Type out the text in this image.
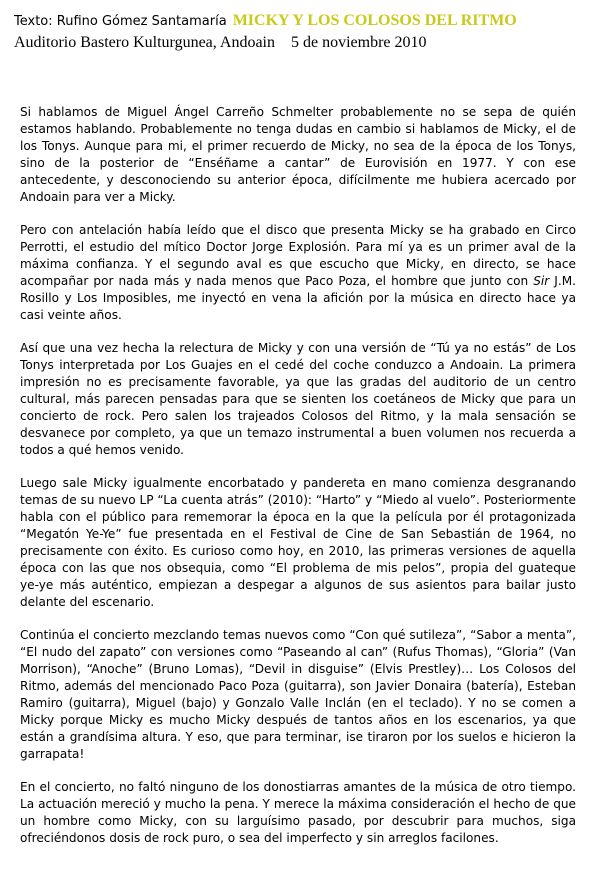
Texto: Rufino Gómez Santamaría MICKY Y LOS COLOSOS DEL RITMO
Auditorio Bastero Kulturgunea, Andoain 5 de noviembre 2010

Si hablamos de Miguel Ángel Carreño Schmelter probablemente no se sepa de quién estamos hablando. Probablemente no tenga dudas en cambio si hablamos de Micky, el de los Tonys. Aunque para mi, el primer recuerdo de Micky, no sea de la época de los Tonys, sino de la posterior de “Enséñame a cantar” de Eurovisión en 1977. Y con ese antecedente, y desconociendo su anterior época, difícilmente me hubiera acercado por Andoain para ver a Micky.

Pero con antelación había leído que el disco que presenta Micky se ha grabado en Circo Perrotti, el estudio del mítico Doctor Jorge Explosión. Para mí ya es un primer aval de la máxima confianza. Y el segundo aval es que escucho que Micky, en directo, se hace acompañar por nada más y nada menos que Paco Poza, el hombre que junto con Sir J.M. Rosillo y Los Imposibles, me inyectó en vena la afición por la música en directo hace ya casi veinte años.

Así que una vez hecha la relectura de Micky y con una versión de “Tú ya no estás” de Los Tonys interpretada por Los Guajes en el cedé del coche conduzco a Andoain. La primera impresión no es precisamente favorable, ya que las gradas del auditorio de un centro cultural, más parecen pensadas para que se sienten los coetáneos de Micky que para un concierto de rock. Pero salen los trajeados Colosos del Ritmo, y la mala sensación se desvanece por completo, ya que un temazo instrumental a buen volumen nos recuerda a todos a qué hemos venido.

Luego sale Micky igualmente encorbatado y pandereta en mano comienza desgranando temas de su nuevo LP “La cuenta atrás” (2010): “Harto” y “Miedo al vuelo”. Posteriormente habla con el público para rememorar la época en la que la película por él protagonizada “Megatón Ye-Ye” fue presentada en el Festival de Cine de San Sebastián de 1964, no precisamente con éxito. Es curioso como hoy, en 2010, las primeras versiones de aquella época con las que nos obsequia, como “El problema de mis pelos”, propia del guateque ye-ye más auténtico, empiezan a despegar a algunos de sus asientos para bailar justo delante del escenario.

Continúa el concierto mezclando temas nuevos como “Con qué sutileza”, “Sabor a menta”, “El nudo del zapato” con versiones como “Paseando al can” (Rufus Thomas), “Gloria” (Van Morrison), “Anoche” (Bruno Lomas), “Devil in disguise” (Elvis Prestley)… Los Colosos del Ritmo, además del mencionado Paco Poza (guitarra), son Javier Donaira (batería), Esteban Ramiro (guitarra), Miguel (bajo) y Gonzalo Valle Inclán (en el teclado). Y no se comen a Micky porque Micky es mucho Micky después de tantos años en los escenarios, ya que están a grandísima altura. Y eso, que para terminar, ise tiraron por los suelos e hicieron la garrapata!

En el concierto, no faltó ninguno de los donostiarras amantes de la música de otro tiempo. La actuación mereció y mucho la pena. Y merece la máxima consideración el hecho de que un hombre como Micky, con su larguísimo pasado, por descubrir para muchos, siga ofreciéndonos dosis de rock puro, o sea del imperfecto y sin arreglos facilones.
